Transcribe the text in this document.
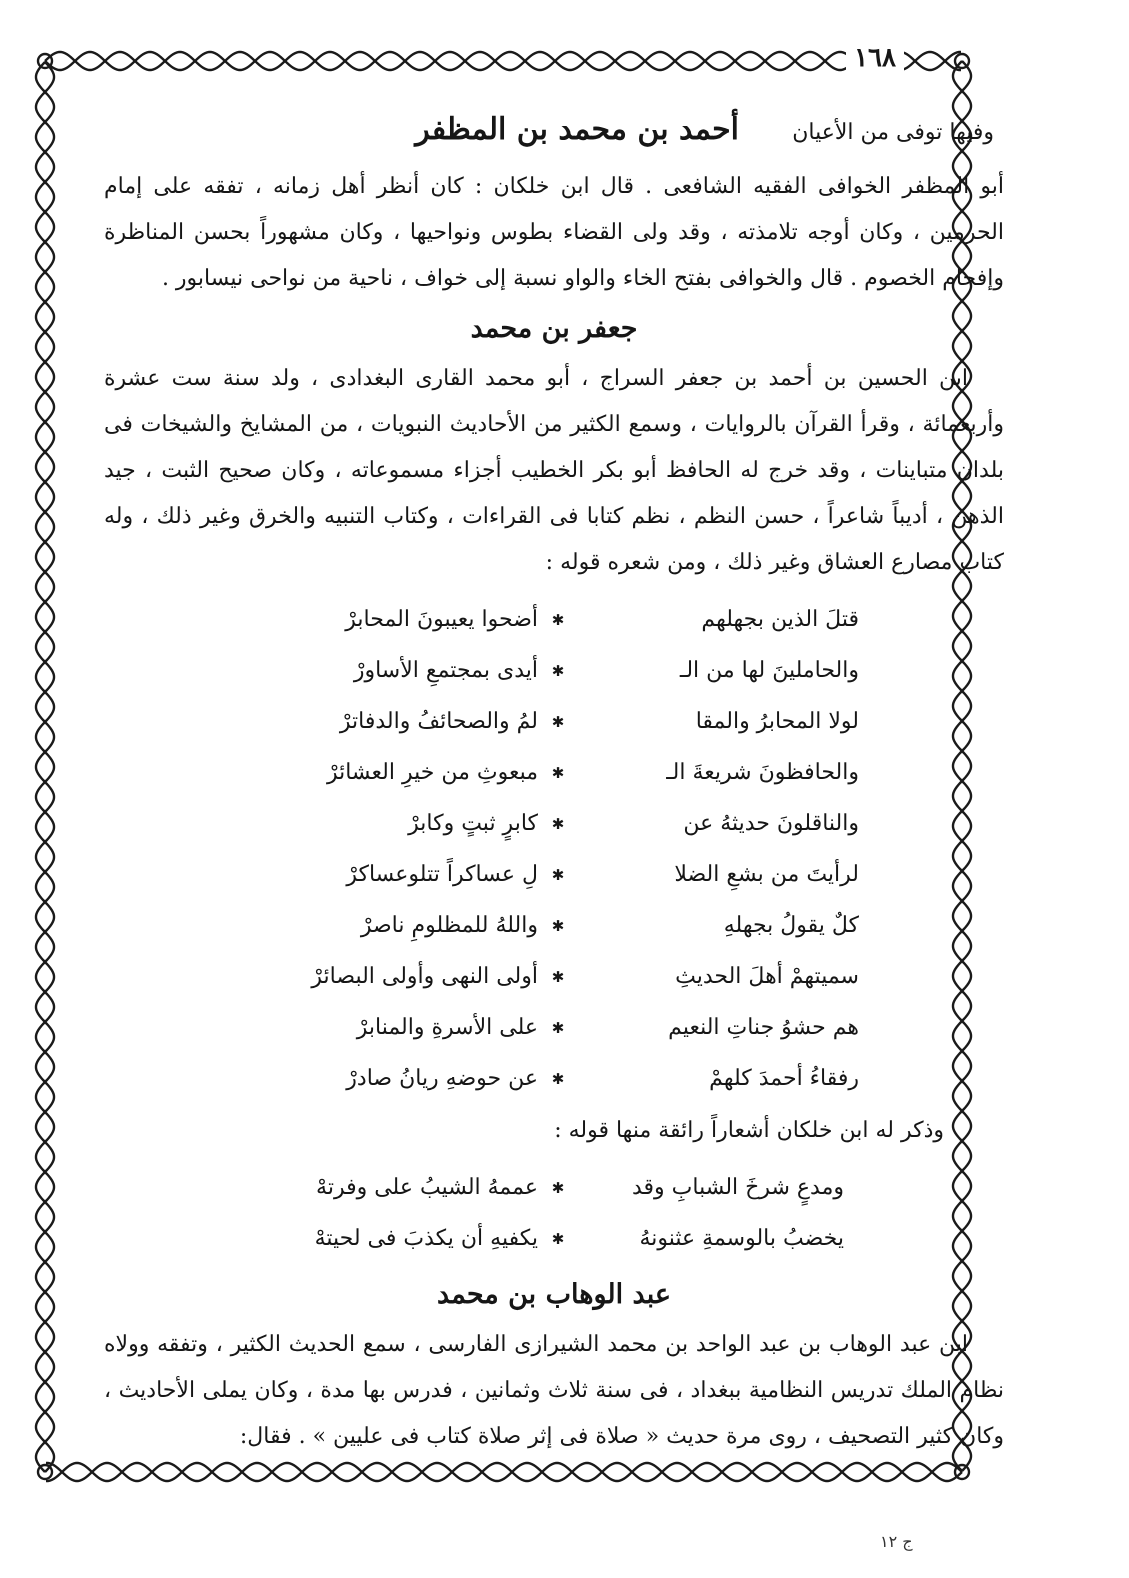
١٦٨
وفيها توفى من الأعيان
أحمد بن محمد بن المظفر

أبو المظفر الخوافى الفقيه الشافعى . قال ابن خلكان : كان أنظر أهل زمانه ، تفقه على إمام الحرمين ، وكان أوجه تلامذته ، وقد ولى القضاء بطوس ونواحيها ، وكان مشهوراً بحسن المناظرة وإفحام الخصوم . قال والخوافى بفتح الخاء والواو نسبة إلى خواف ، ناحية من نواحى نيسابور .

جعفر بن محمد

ابن الحسين بن أحمد بن جعفر السراج ، أبو محمد القارى البغدادى ، ولد سنة ست عشرة وأربعمائة ، وقرأ القرآن بالروايات ، وسمع الكثير من الأحاديث النبويات ، من المشايخ والشيخات فى بلدان متباينات ، وقد خرج له الحافظ أبو بكر الخطيب أجزاء مسموعاته ، وكان صحيح الثبت ، جيد الذهن ، أديباً شاعراً ، حسن النظم ، نظم كتابا فى القراءات ، وكتاب التنبيه والخرق وغير ذلك ، وله كتاب مصارع العشاق وغير ذلك ، ومن شعره قوله :

قتلَ الذين بجهلهم
✱
أضحوا يعيبونَ المحابرْ
والحاملينَ لها من الـ
✱
أيدى بمجتمعِ الأساورْ
لولا المحابرُ والمقا
✱
لمُ والصحائفُ والدفاترْ
والحافظونَ شريعةَ الـ
✱
مبعوثِ من خيرِ العشائرْ
والناقلونَ حديثهُ عن
✱
كابرٍ ثبتٍ وكابرْ
لرأيتَ من بشعِ الضلا
✱
لِ عساكراً تتلوعساكرْ
كلٌ يقولُ بجهلهِ
✱
واللهُ للمظلومِ ناصرْ
سميتهمْ أهلَ الحديثِ
✱
أولى النهى وأولى البصائرْ
هم حشوُ جناتِ النعيم
✱
على الأسرةِ والمنابرْ
رفقاءُ أحمدَ كلهمْ
✱
عن حوضهِ ريانُ صادرْ

وذكر له ابن خلكان أشعاراً رائقة منها قوله :

ومدعٍ شرخَ الشبابِ وقد
✱
عممهُ الشيبُ على وفرتهْ
يخضبُ بالوسمةِ عثنونهُ
✱
يكفيهِ أن يكذبَ فى لحيتهْ
عبد الوهاب بن محمد

ابن عبد الوهاب بن عبد الواحد بن محمد الشيرازى الفارسى ، سمع الحديث الكثير ، وتفقه وولاه نظام الملك تدريس النظامية ببغداد ، فى سنة ثلاث وثمانين ، فدرس بها مدة ، وكان يملى الأحاديث ، وكان كثير التصحيف ، روى مرة حديث « صلاة فى إثر صلاة كتاب فى عليين » . فقال:

ج ١٢
